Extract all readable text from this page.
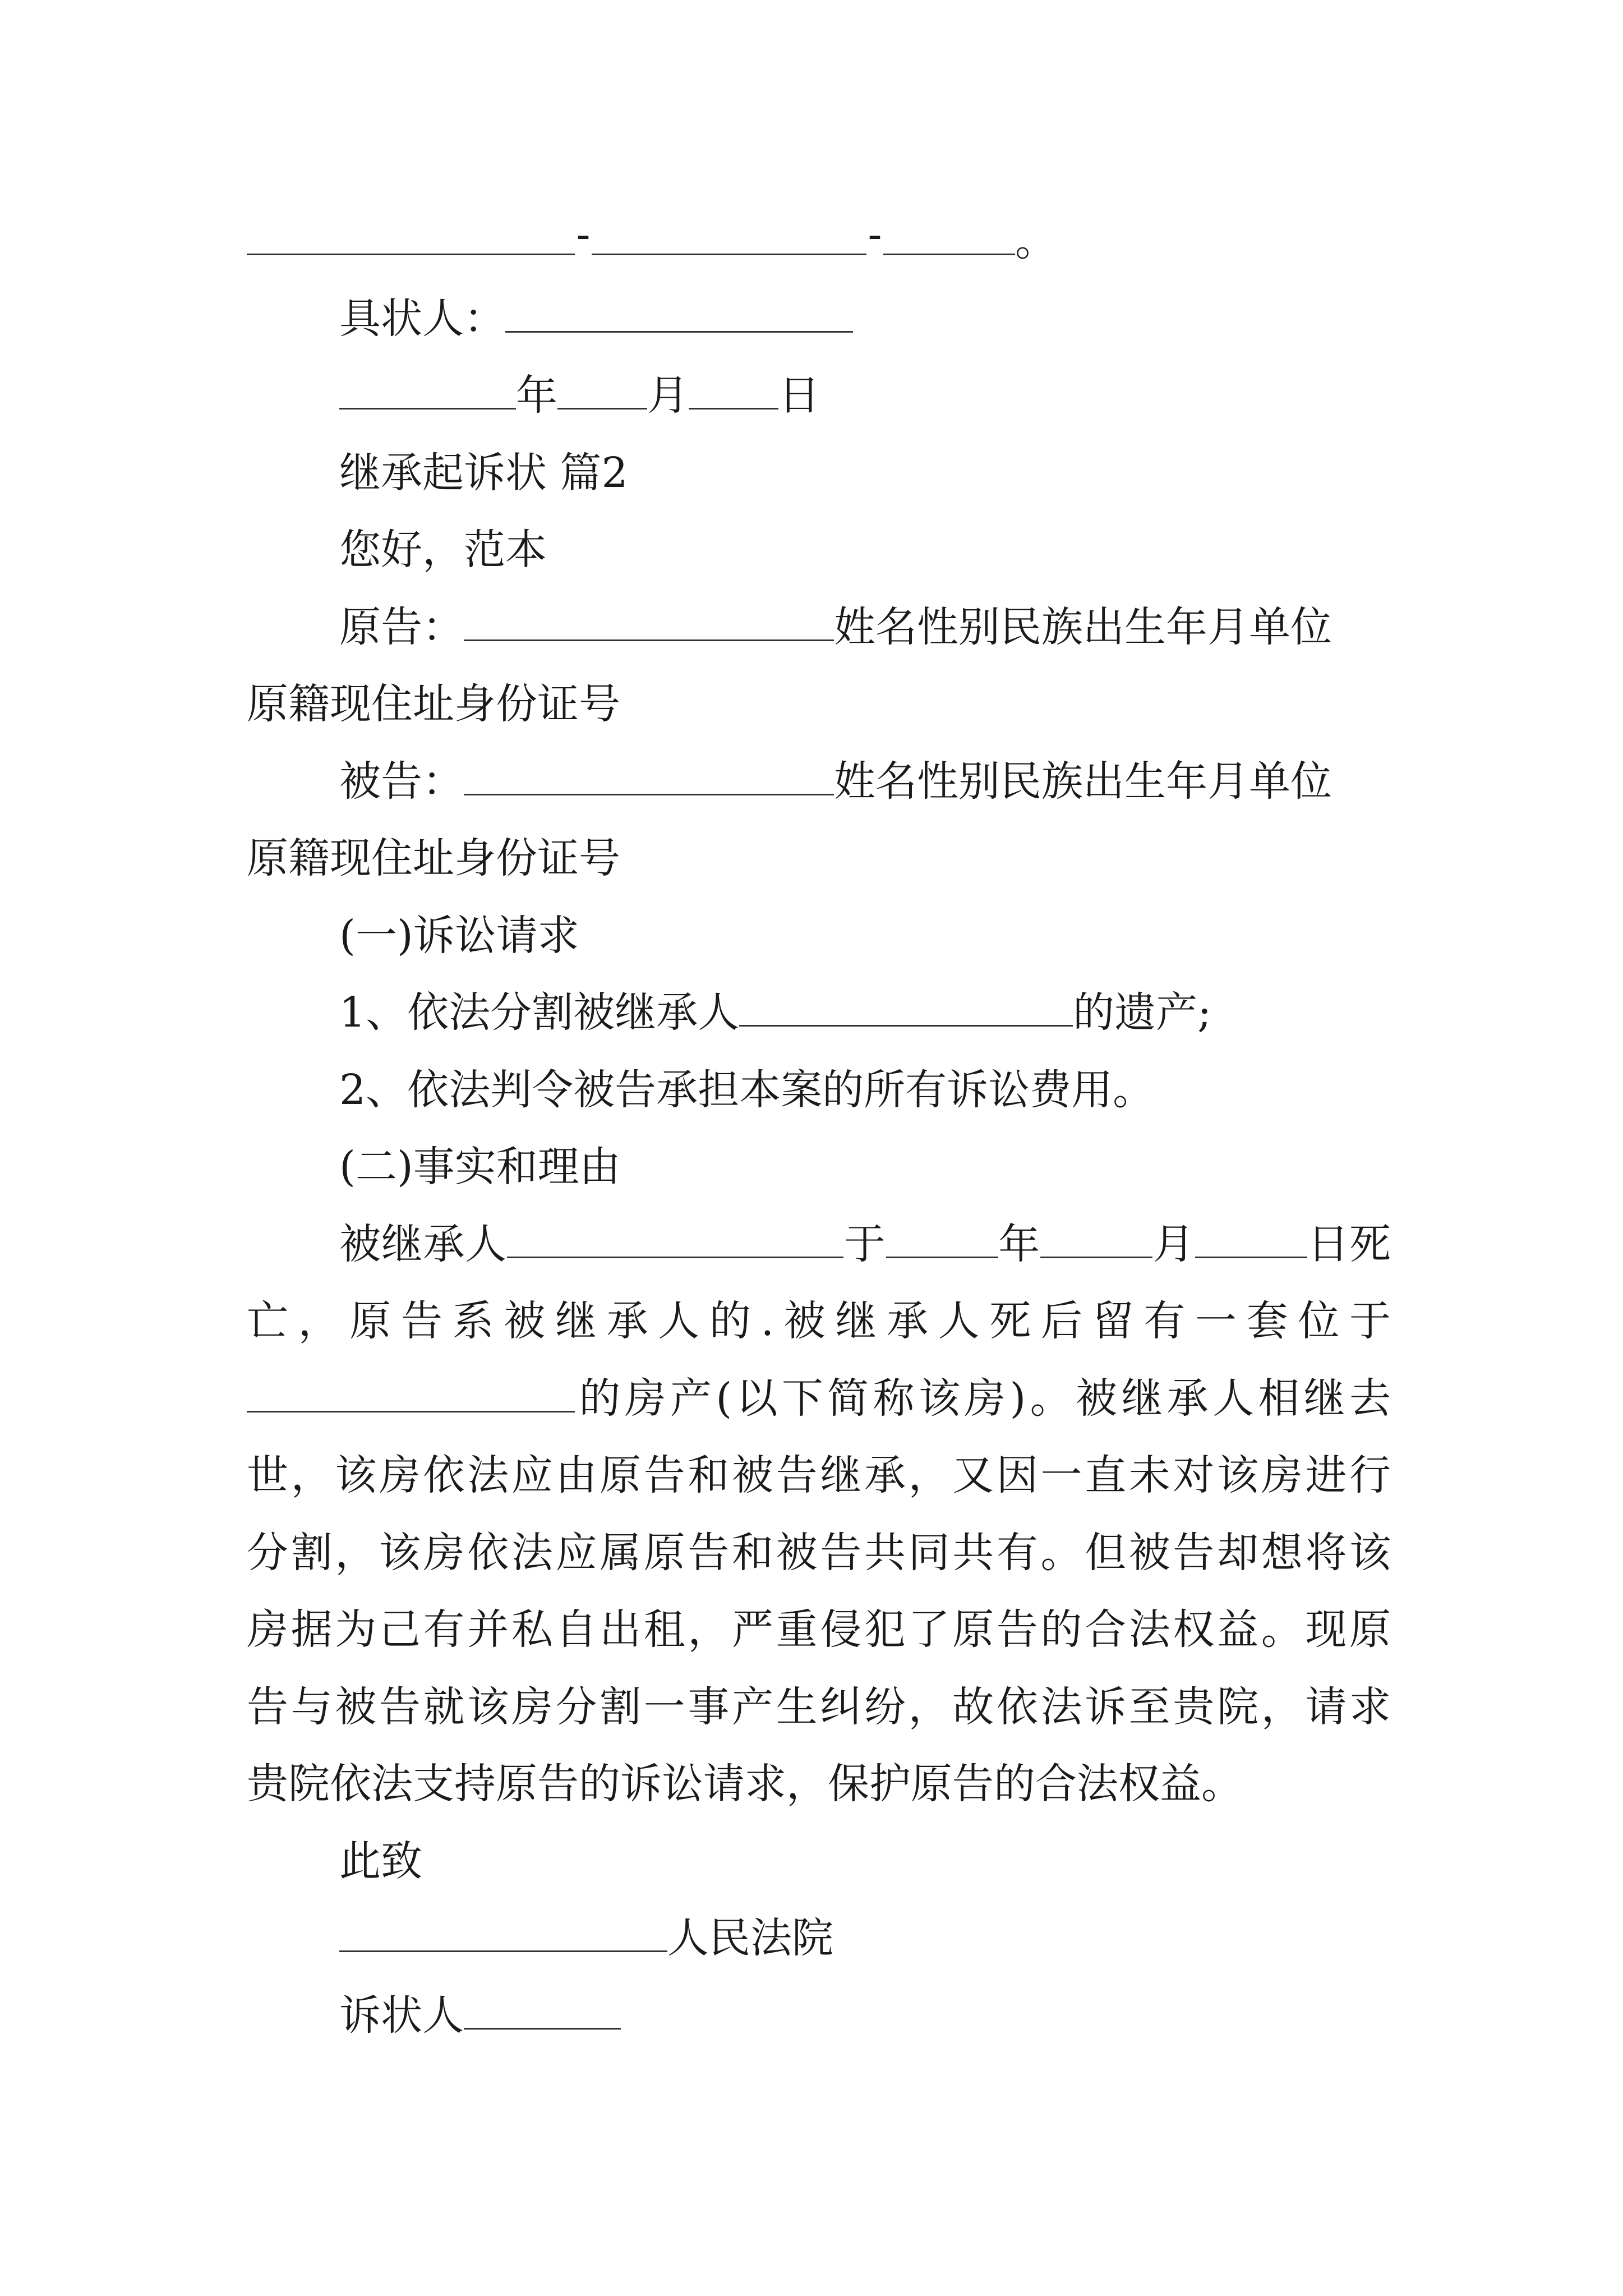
-	-	。
具状人：
年 月 日
继承起诉状 篇2
您好，范本
原告：	姓名性别民族出生年月单位
原籍现住址身份证号
被告：	姓名性别民族出生年月单位
原籍现住址身份证号
(一)诉讼请求
1、依法分割被继承人	的遗产;
2、依法判令被告承担本案的所有诉讼费用。
(二)事实和理由
被继承人	于	年	月	日死
亡，原告系被继承人的.被继承人死后留有一套位于
的房产(以下简称该房)。被继承人相继去
世，该房依法应由原告和被告继承，又因一直未对该房进行
分割，该房依法应属原告和被告共同共有。但被告却想将该
房据为己有并私自出租，严重侵犯了原告的合法权益。现原
告与被告就该房分割一事产生纠纷，故依法诉至贵院，请求
贵院依法支持原告的诉讼请求，保护原告的合法权益。
此致
人民法院
诉状人
